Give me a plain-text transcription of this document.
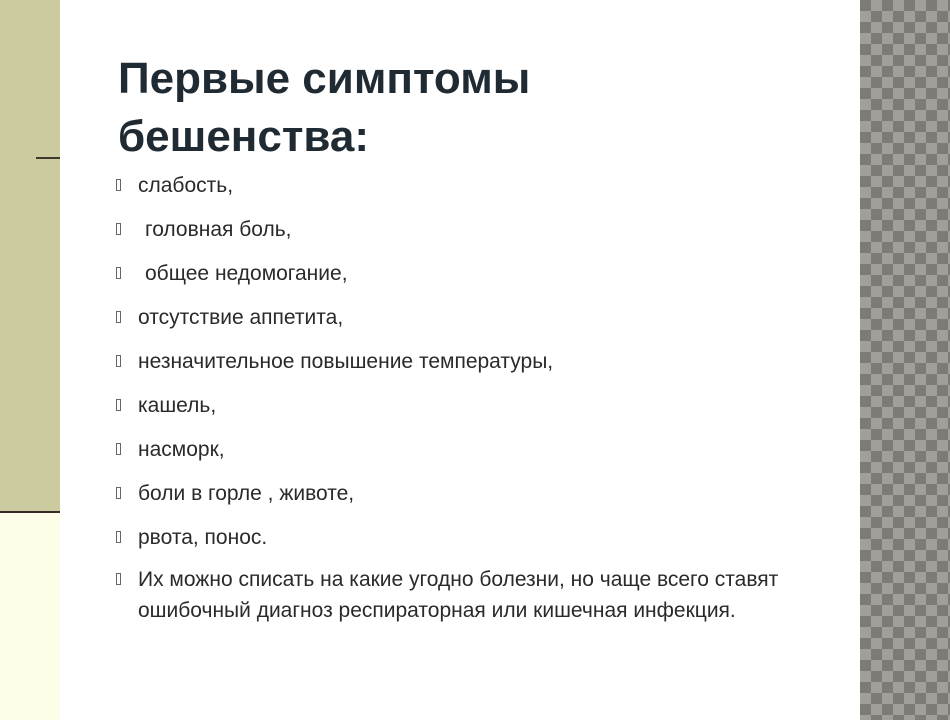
Первые симптомы
бешенства:
слабость,
головная боль,
общее недомогание,
отсутствие аппетита,
незначительное повышение температуры,
кашель,
насморк,
боли в горле , животе,
рвота, понос.
Их можно списать на какие угодно болезни, но чаще всего ставят ошибочный диагноз респираторная или кишечная инфекция.
